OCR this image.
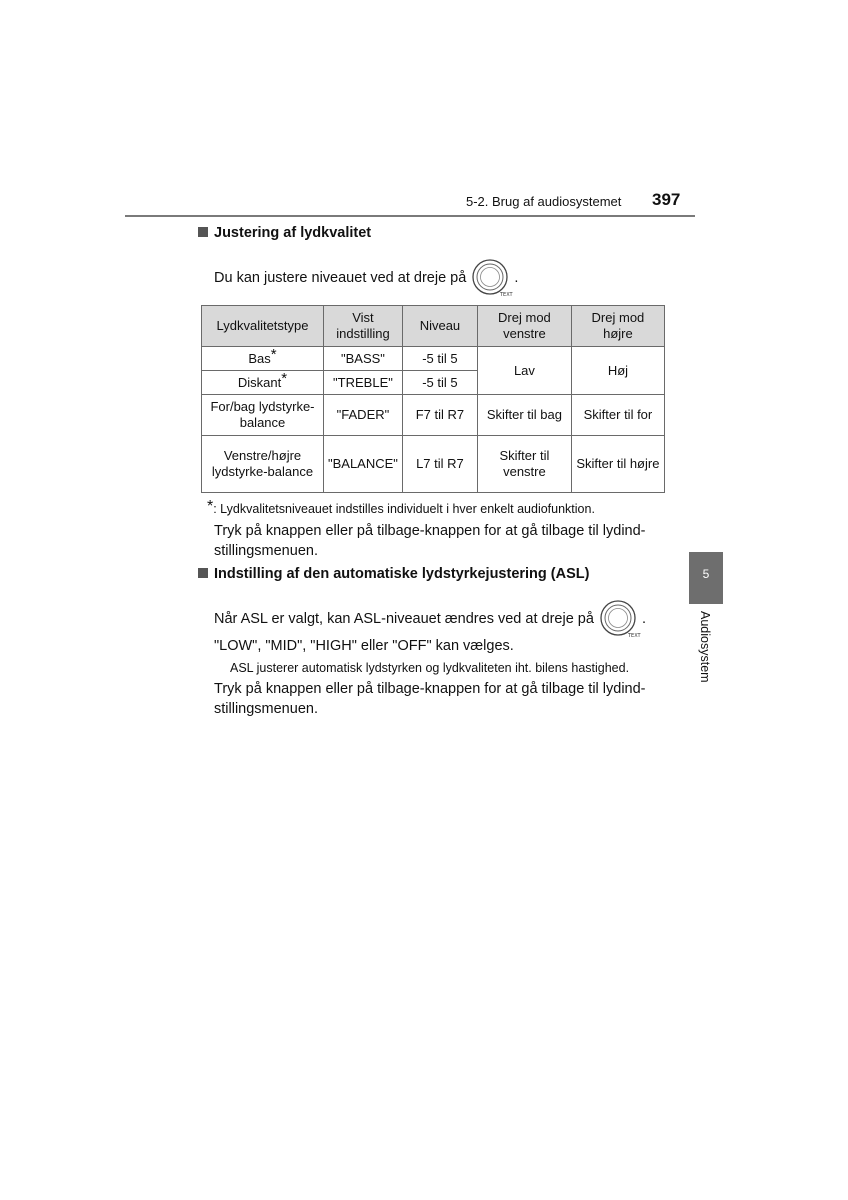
5-2. Brug af audiosystemet 397
Justering af lydkvalitet
Du kan justere niveauet ved at dreje på
TEXT
.
Lydkvalitetstype	Vist indstilling	Niveau	Drej mod venstre	Drej mod højre
Bas*	"BASS"	-5 til 5	Lav	Høj
Diskant*	"TREBLE"	-5 til 5		
For/bag lydstyrke-balance	"FADER"	F7 til R7	Skifter til bag	Skifter til for
Venstre/højre lydstyrke-balance	"BALANCE"	L7 til R7	Skifter til venstre	Skifter til højre
*: Lydkvalitetsniveauet indstilles individuelt i hver enkelt audiofunktion.
Tryk på knappen eller på tilbage-knappen for at gå tilbage til lydind-
stillingsmenuen.
Indstilling af den automatiske lydstyrkejustering (ASL)
Når ASL er valgt, kan ASL-niveauet ændres ved at dreje på
TEXT
.
"LOW", "MID", "HIGH" eller "OFF" kan vælges.
ASL justerer automatisk lydstyrken og lydkvaliteten iht. bilens hastighed.
Tryk på knappen eller på tilbage-knappen for at gå tilbage til lydind-
stillingsmenuen.
5
Audiosystem
